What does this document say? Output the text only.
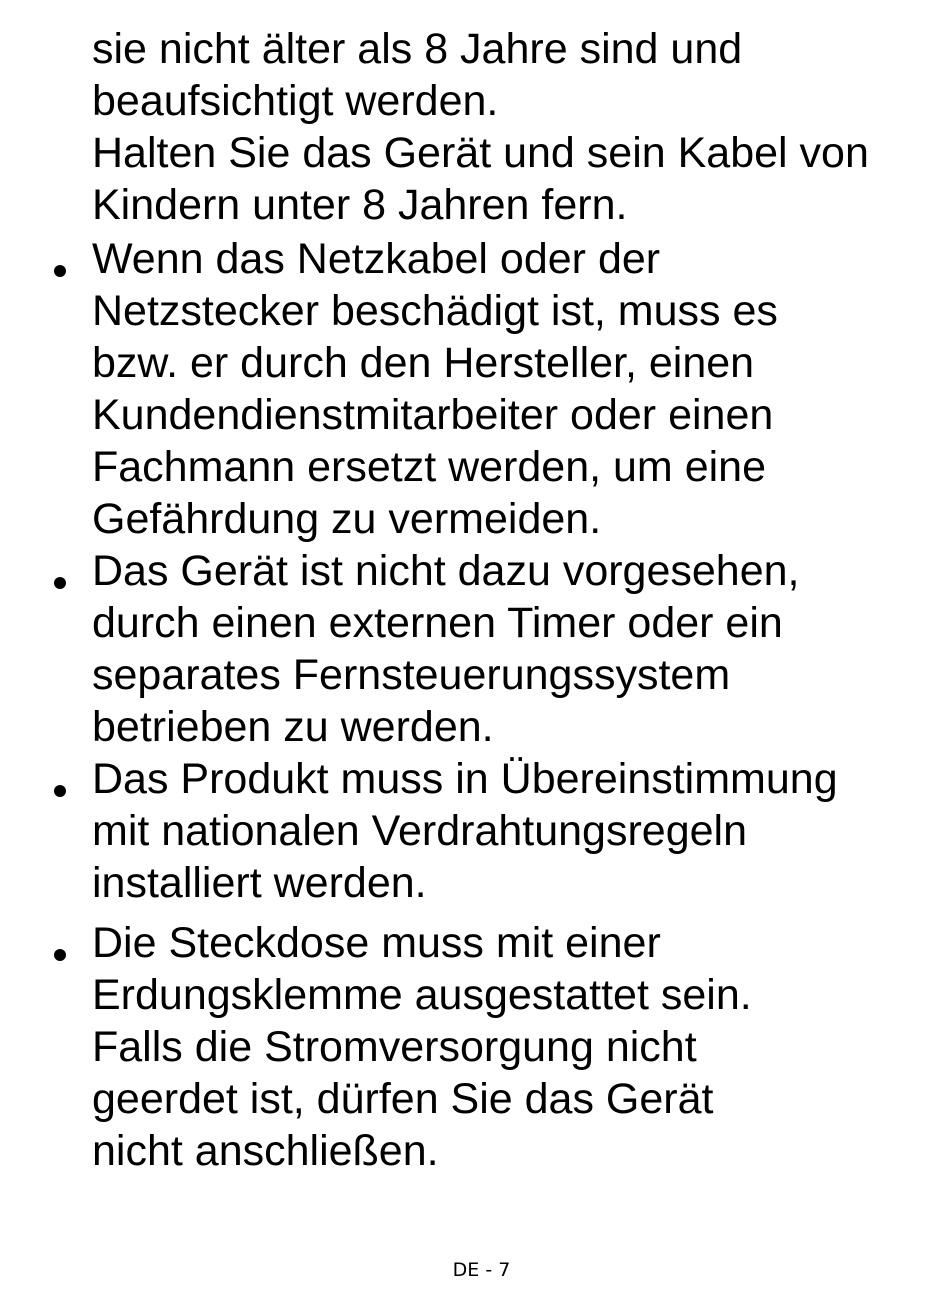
sie nicht älter als 8 Jahre sind und
beaufsichtigt werden.
Halten Sie das Gerät und sein Kabel von
Kindern unter 8 Jahren fern.
Wenn das Netzkabel oder der
Netzstecker beschädigt ist, muss es
bzw. er durch den Hersteller, einen
Kundendienstmitarbeiter oder einen
Fachmann ersetzt werden, um eine
Gefährdung zu vermeiden.
Das Gerät ist nicht dazu vorgesehen,
durch einen externen Timer oder ein
separates Fernsteuerungssystem
betrieben zu werden.
Das Produkt muss in Übereinstimmung
mit nationalen Verdrahtungsregeln
installiert werden.
Die Steckdose muss mit einer
Erdungsklemme ausgestattet sein.
Falls die Stromversorgung nicht
geerdet ist, dürfen Sie das Gerät
nicht anschließen.
DE - 7
